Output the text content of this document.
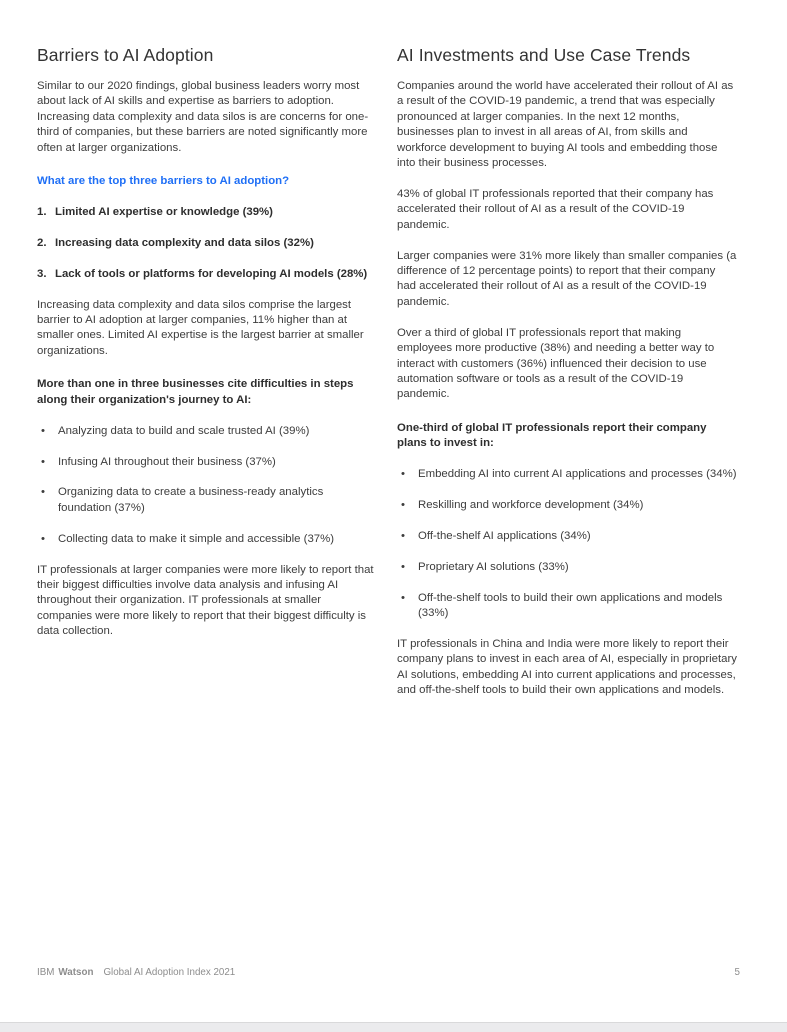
Barriers to AI Adoption

Similar to our 2020 findings, global business leaders worry most about lack of AI skills and expertise as barriers to adoption. Increasing data complexity and data silos is are concerns for one-third of companies, but these barriers are noted significantly more often at larger organizations.

What are the top three barriers to AI adoption?
1. Limited AI expertise or knowledge (39%)
2. Increasing data complexity and data silos (32%)
3. Lack of tools or platforms for developing AI models (28%)

Increasing data complexity and data silos comprise the largest barrier to AI adoption at larger companies, 11% higher than at smaller ones. Limited AI expertise is the largest barrier at smaller organizations.

More than one in three businesses cite difficulties in steps along their organization's journey to AI:
•
Analyzing data to build and scale trusted AI (39%)
•
Infusing AI throughout their business (37%)
•
Organizing data to create a business-ready analytics foundation (37%)
•
Collecting data to make it simple and accessible (37%)

IT professionals at larger companies were more likely to report that their biggest difficulties involve data analysis and infusing AI throughout their organization. IT professionals at smaller companies were more likely to report that their biggest difficulty is data collection.

AI Investments and Use Case Trends

Companies around the world have accelerated their rollout of AI as a result of the COVID-19 pandemic, a trend that was especially pronounced at larger companies. In the next 12 months, businesses plan to invest in all areas of AI, from skills and workforce development to buying AI tools and embedding those into their business processes.

43% of global IT professionals reported that their company has accelerated their rollout of AI as a result of the COVID-19 pandemic.

Larger companies were 31% more likely than smaller companies (a difference of 12 percentage points) to report that their company had accelerated their rollout of AI as a result of the COVID-19 pandemic.

Over a third of global IT professionals report that making employees more productive (38%) and needing a better way to interact with customers (36%) influenced their decision to use automation software or tools as a result of the COVID-19 pandemic.

One-third of global IT professionals report their company plans to invest in:
•
Embedding AI into current AI applications and processes (34%)
•
Reskilling and workforce development (34%)
•
Off-the-shelf AI applications (34%)
•
Proprietary AI solutions (33%)
•
Off-the-shelf tools to build their own applications and models (33%)

IT professionals in China and India were more likely to report their company plans to invest in each area of AI, especially in proprietary AI solutions, embedding AI into current applications and processes, and off-the-shelf tools to build their own applications and models.

IBM Watson Global AI Adoption Index 2021	5
